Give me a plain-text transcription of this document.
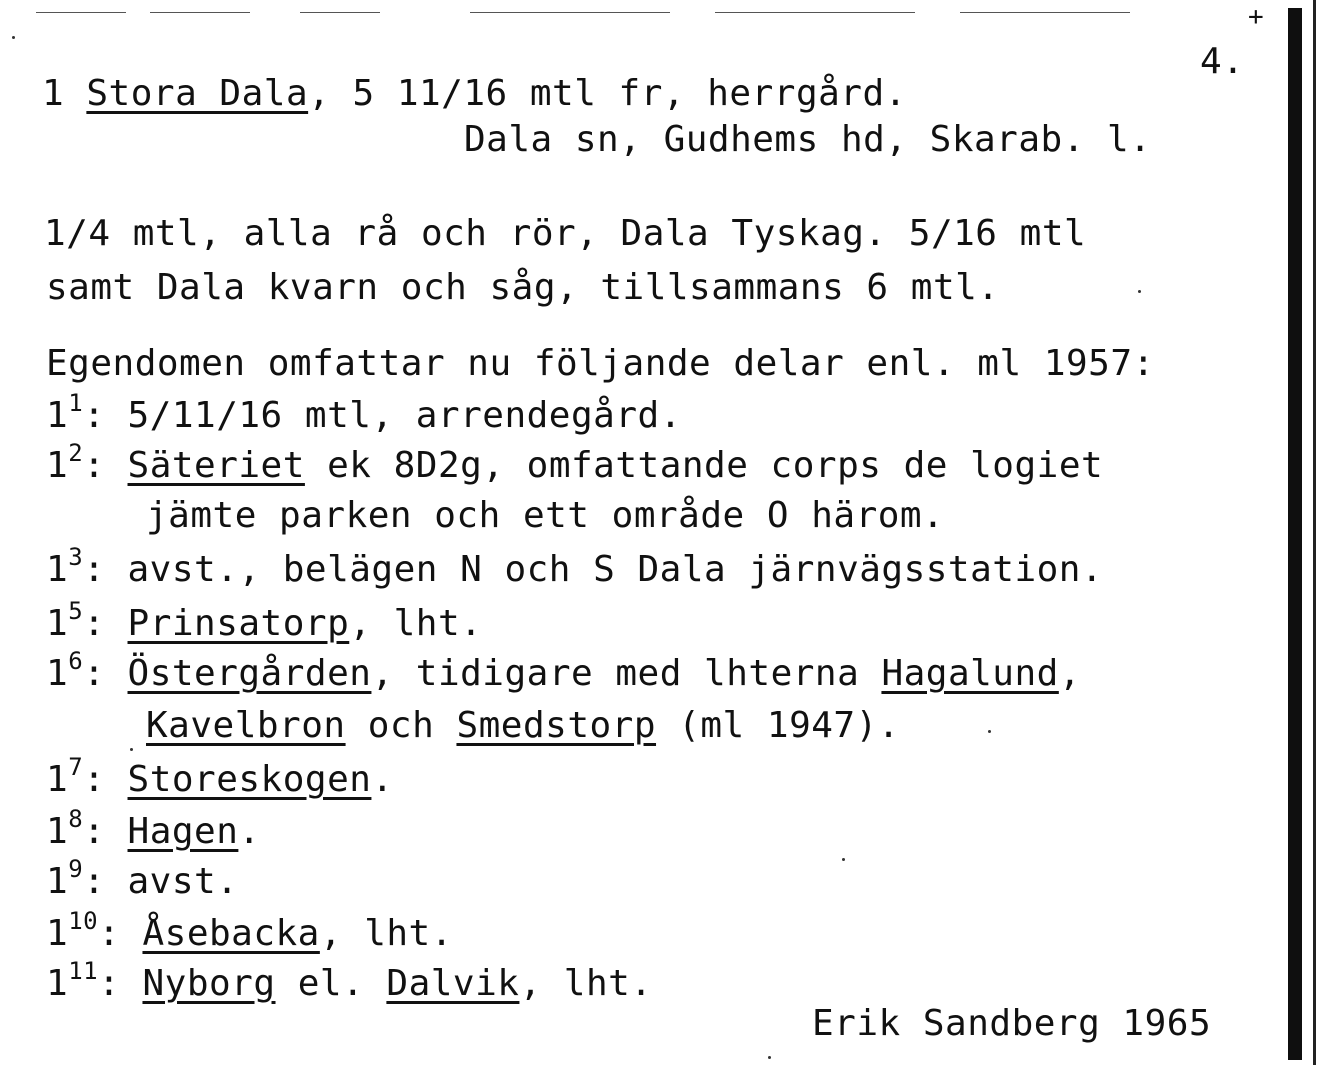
+
4.
1 Stora Dala, 5 11/16 mtl fr, herrgård.
Dala sn, Gudhems hd, Skarab. l.
1/4 mtl, alla rå och rör, Dala Tyskag. 5/16 mtl
samt Dala kvarn och såg, tillsammans 6 mtl.
Egendomen omfattar nu följande delar enl. ml 1957:
$1^1$: 5/11/16 mtl, arrendegård.
$1^2$: Säteriet ek 8D2g, omfattande corps de logiet
jämte parken och ett område O härom.
$1^3$: avst., belägen N och S Dala järnvägsstation.
$1^5$: Prinsatorp, lht.
$1^6$: Östergården, tidigare med lhterna Hagalund,
Kavelbron och Smedstorp (ml 1947).
$1^7$: Storeskogen.
$1^8$: Hagen.
$1^9$: avst.
$1^{10}$: Åsebacka, lht.
$1^{11}$: Nyborg el. Dalvik, lht.
Erik Sandberg 1965
